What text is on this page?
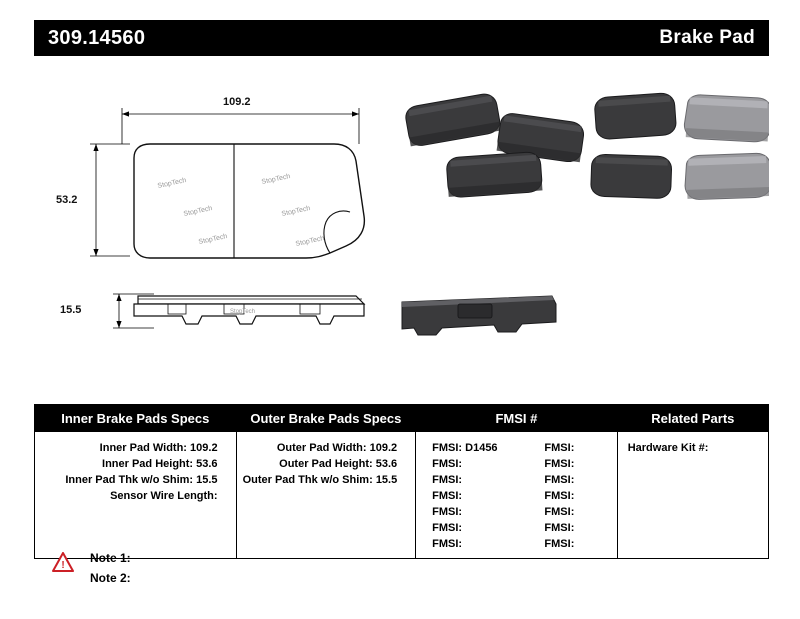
309.14560	Brake Pad
StopTech
StopTech
StopTech
StopTech
StopTech
StopTech
StopTech
109.2
53.2
15.5
Inner Brake Pads Specs	Outer Brake Pads Specs	FMSI #	Related Parts
Inner Pad Width: 109.2
Inner Pad Height: 53.6
Inner Pad Thk w/o Shim: 15.5
Sensor Wire Length:
Outer Pad Width: 109.2
Outer Pad Height: 53.6
Outer Pad Thk w/o Shim: 15.5
FMSI: D1456
FMSI:
FMSI:
FMSI:
FMSI:
FMSI:
FMSI:
FMSI:
FMSI:
FMSI:
FMSI:
FMSI:
FMSI:
FMSI:
Hardware Kit #:
!
Note 1:
Note 2:
